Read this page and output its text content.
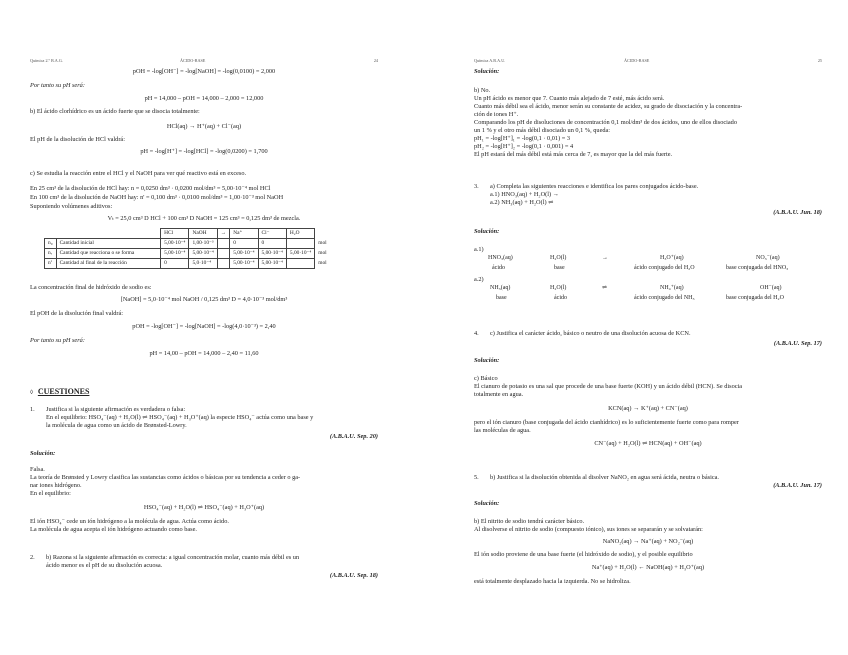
Química 2.º B.A.G.	ÁCIDO-BASE	24
pOH = -log[OH⁻] = -log[NaOH] = -log(0,0100) = 2,000
Por tanto su pH será:
pH = 14,000 – pOH = 14,000 – 2,000 = 12,000
b) El ácido clorhídrico es un ácido fuerte que se disocia totalmente:
HCl(aq) → H⁺(aq) + Cl⁻(aq)
El pH de la disolución de HCl valdrá:
pH = -log[H⁺] = -log[HCl] = -log(0,0200) = 1,700
c) Se estudia la reacción entre el HCl y el NaOH para ver qué reactivo está en exceso.
En 25 cm³ de la disolución de HCl hay: n = 0,0250 dm³ · 0,0200 mol/dm³ = 5,00·10⁻⁴ mol HCl
En 100 cm³ de la disolución de NaOH hay: n' = 0,100 dm³ · 0,0100 mol/dm³ = 1,00·10⁻³ mol NaOH
Suponiendo volúmenes aditivos:
Vₜ = 25,0 cm³ D HCl + 100 cm³ D NaOH = 125 cm³ = 0,125 dm³ de mezcla.
		HCl	NaOH	→	Na⁺	Cl⁻	H₂O	
n₀	Cantidad inicial	5,00·10⁻⁴	1,00·10⁻³		0	0		mol
nᵣ	Cantidad que reacciona o se forma	5,00·10⁻⁴	5,00·10⁻⁴		5,00·10⁻⁴	5,00·10⁻⁴	5,00·10⁻⁴	mol
nⁱ	Cantidad al final de la reacción	0	5,0·10⁻⁴		5,00·10⁻⁴	5,00·10⁻⁴		mol
La concentración final de hidróxido de sodio es:
[NaOH] = 5,0·10⁻⁴ mol NaOH / 0,125 dm³ D = 4,0·10⁻³ mol/dm³
El pOH de la disolución final valdrá:
pOH = -log[OH⁻] = -log[NaOH] = -log(4,0·10⁻³) = 2,40
Por tanto su pH será:
pH = 14,00 – pOH = 14,000 – 2,40 = 11,60
◊ CUESTIONES
1.	Justifica si la siguiente afirmación es verdadera o falsa:
En el equilibrio: HSO₄⁻(aq) + H₂O(l) ⇌ HSO₄⁻(aq) + H₃O⁺(aq) la especie HSO₄⁻ actúa como una base y
la molécula de agua como un ácido de Brønsted-Lowry.
(A.B.A.U. Sep. 20)
Solución:
Falsa.
La teoría de Brønsted y Lowry clasifica las sustancias como ácidos o básicas por su tendencia a ceder o ga-
nar iones hidrógeno.
En el equilibrio:
HSO₄⁻(aq) + H₂O(l) ⇌ HSO₄⁻(aq) + H₃O⁺(aq)
El ión HSO₄⁻ cede un ión hidrógeno a la molécula de agua. Actúa como ácido.
La molécula de agua acepta el ión hidrógeno actuando como base.
2.	b) Razona si la siguiente afirmación es correcta: a igual concentración molar, cuanto más débil es un
ácido menor es el pH de su disolución acuosa.
(A.B.A.U. Sep. 18)
Química A.B.A.U.	ÁCIDO-BASE	25
Solución:
b) No.
Un pH ácido es menor que 7. Cuanto más alejado de 7 esté, más ácido será.
Cuanto más débil sea el ácido, menor serán su constante de acidez, su grado de disociación y la concentra-
ción de iones H⁺.
Comparando los pH de disoluciones de concentración 0,1 mol/dm³ de dos ácidos, uno de ellos disociado
un 1 % y el otro más débil disociado un 0,1 %, queda:
pH₁ = -log[H⁺]₁ = -log(0,1 · 0,01) = 3
pH₂ = -log[H⁺]₂ = -log(0,1 · 0,001) = 4
El pH estará del más débil está más cerca de 7, es mayor que la del más fuerte.
3.	a) Completa las siguientes reacciones e identifica los pares conjugados ácido-base.
a.1) HNO₃(aq) + H₂O(l) →
a.2) NH₃(aq) + H₂O(l) ⇌
(A.B.A.U. Jun. 18)
Solución:
a.1)
HNO₃(aq)	H₂O(l)	→	H₃O⁺(aq)	NO₃⁻(aq)
ácido	base	ácido conjugado del H₂O	base conjugada del HNO₃
a.2)
NH₃(aq)	H₂O(l)	⇌	NH₄⁺(aq)	OH⁻(aq)
base	ácido	ácido conjugado del NH₃	base conjugada del H₂O
4.	c) Justifica el carácter ácido, básico o neutro de una disolución acuosa de KCN.
(A.B.A.U. Sep. 17)
Solución:
c) Básico
El cianuro de potasio es una sal que procede de una base fuerte (KOH) y un ácido débil (HCN). Se disocia
totalmente en agua.
KCN(aq) → K⁺(aq) + CN⁻(aq)
pero el ión cianuro (base conjugada del ácido cianhídrico) es lo suficientemente fuerte como para romper
las moléculas de agua.
CN⁻(aq) + H₂O(l) ⇌ HCN(aq) + OH⁻(aq)
5.	b) Justifica si la disolución obtenida al disolver NaNO₂ en agua será ácida, neutra o básica.
(A.B.A.U. Jun. 17)
Solución:
b) El nitrito de sodio tendrá carácter básico.
Al disolverse el nitrito de sodio (compuesto iónico), sus iones se separarán y se solvatarán:
NaNO₂(aq) → Na⁺(aq) + NO₂⁻(aq)
El ión sodio proviene de una base fuerte (el hidróxido de sodio), y el posible equilibrio
Na⁺(aq) + H₂O(l) ← NaOH(aq) + H₃O⁺(aq)
está totalmente desplazado hacia la izquierda. No se hidroliza.
